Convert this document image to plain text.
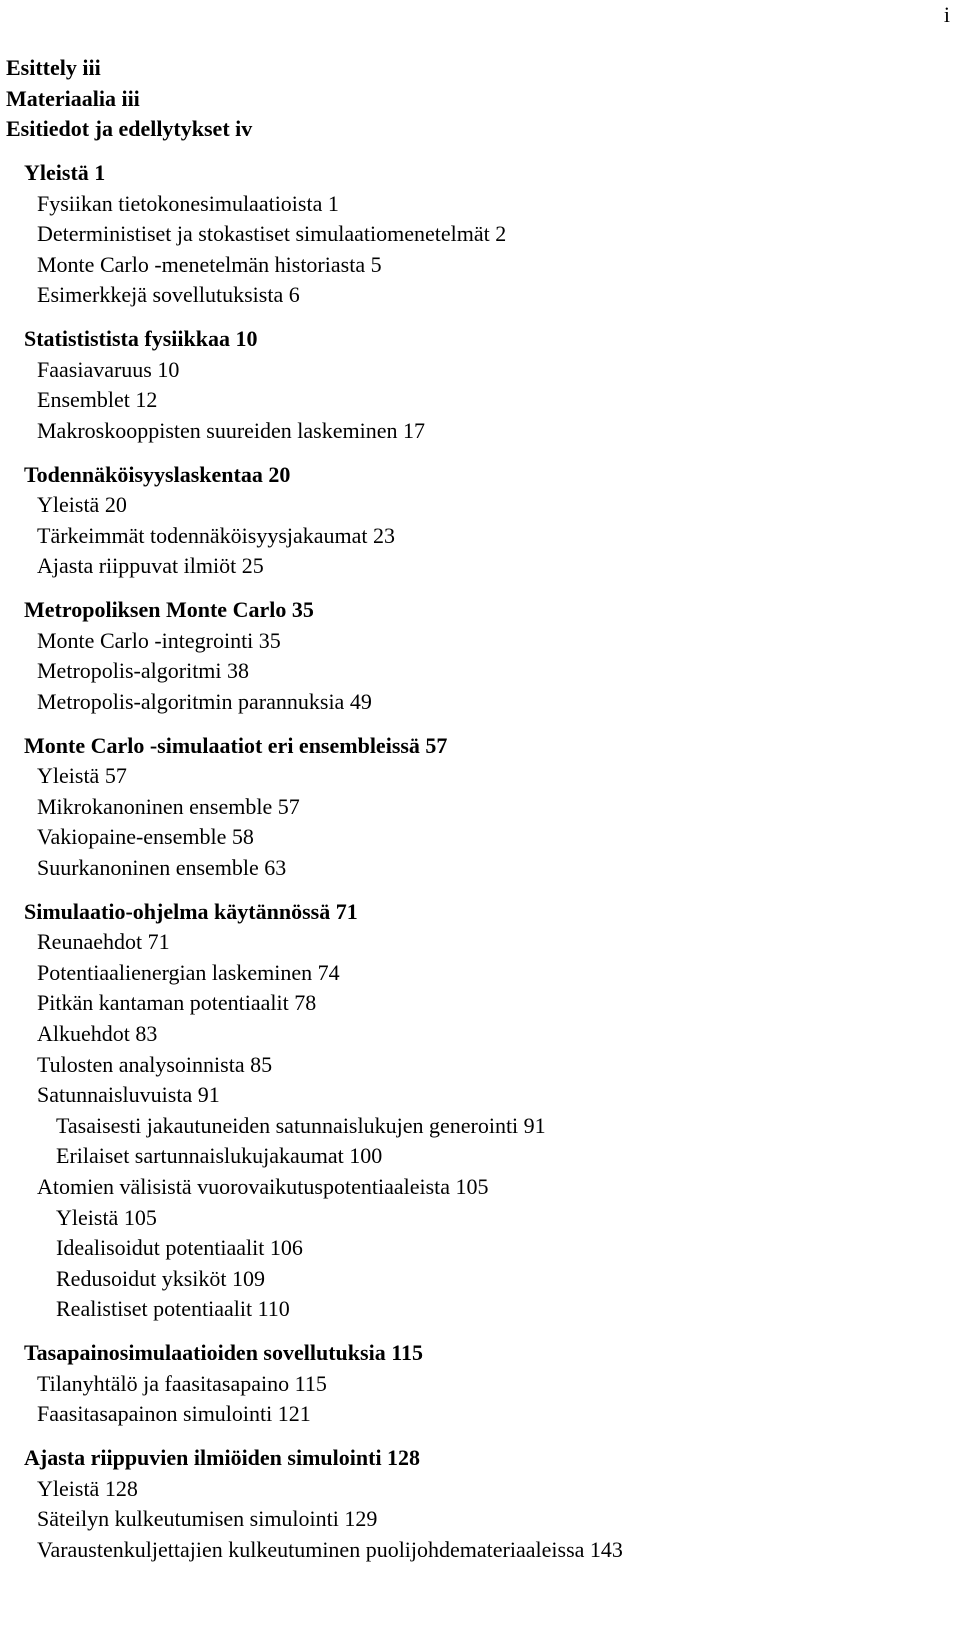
i
Esittely iii
Materiaalia iii
Esitiedot ja edellytykset iv
Yleistä 1
Fysiikan tietokonesimulaatioista 1
Deterministiset ja stokastiset simulaatiomenetelmät 2
Monte Carlo -menetelmän historiasta 5
Esimerkkejä sovellutuksista 6
Statististista fysiikkaa 10
Faasiavaruus 10
Ensemblet 12
Makroskooppisten suureiden laskeminen 17
Todennäköisyyslaskentaa 20
Yleistä 20
Tärkeimmät todennäköisyysjakaumat 23
Ajasta riippuvat ilmiöt 25
Metropoliksen Monte Carlo 35
Monte Carlo -integrointi 35
Metropolis-algoritmi 38
Metropolis-algoritmin parannuksia 49
Monte Carlo -simulaatiot eri ensembleissä 57
Yleistä 57
Mikrokanoninen ensemble 57
Vakiopaine-ensemble 58
Suurkanoninen ensemble 63
Simulaatio-ohjelma käytännössä 71
Reunaehdot 71
Potentiaalienergian laskeminen 74
Pitkän kantaman potentiaalit 78
Alkuehdot 83
Tulosten analysoinnista 85
Satunnaisluvuista 91
Tasaisesti jakautuneiden satunnaislukujen generointi 91
Erilaiset sartunnaislukujakaumat 100
Atomien välisistä vuorovaikutuspotentiaaleista 105
Yleistä 105
Idealisoidut potentiaalit 106
Redusoidut yksiköt 109
Realistiset potentiaalit 110
Tasapainosimulaatioiden sovellutuksia 115
Tilanyhtälö ja faasitasapaino 115
Faasitasapainon simulointi 121
Ajasta riippuvien ilmiöiden simulointi 128
Yleistä 128
Säteilyn kulkeutumisen simulointi 129
Varaustenkuljettajien kulkeutuminen puolijohdemateriaaleissa 143
